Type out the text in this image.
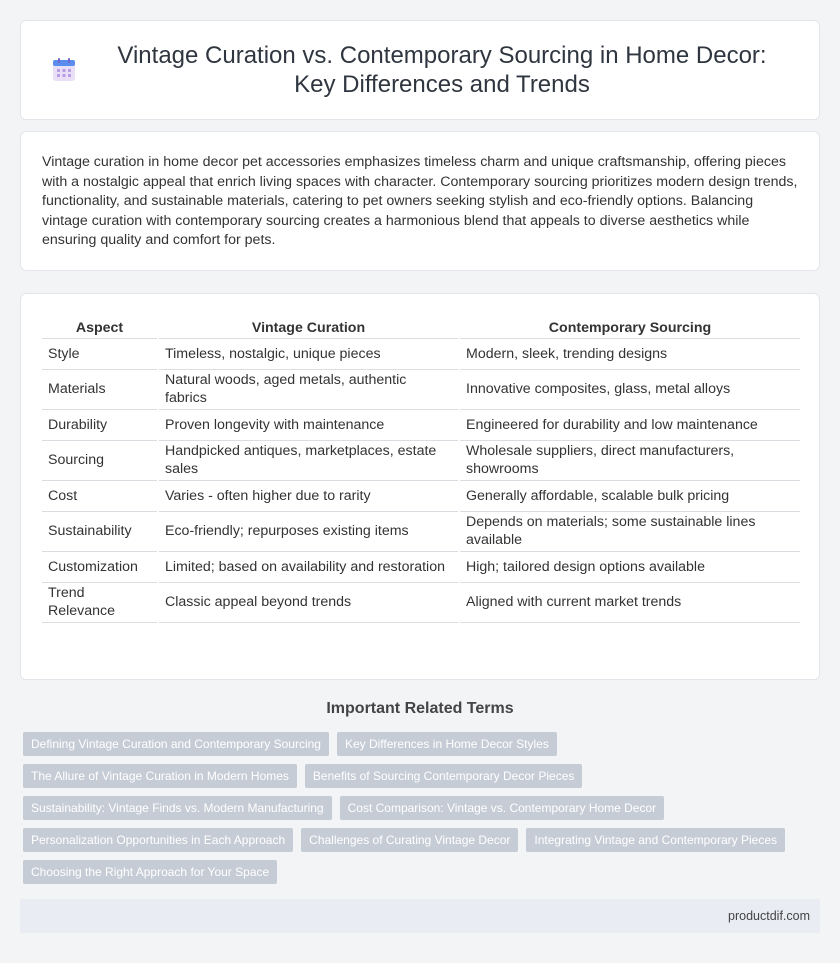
Vintage Curation vs. Contemporary Sourcing in Home Decor: Key Differences and Trends

Vintage curation in home decor pet accessories emphasizes timeless charm and unique craftsmanship, offering pieces with a nostalgic appeal that enrich living spaces with character. Contemporary sourcing prioritizes modern design trends, functionality, and sustainable materials, catering to pet owners seeking stylish and eco-friendly options. Balancing vintage curation with contemporary sourcing creates a harmonious blend that appeals to diverse aesthetics while ensuring quality and comfort for pets.

Aspect	Vintage Curation	Contemporary Sourcing
Style	Timeless, nostalgic, unique pieces	Modern, sleek, trending designs
Materials	Natural woods, aged metals, authentic fabrics	Innovative composites, glass, metal alloys
Durability	Proven longevity with maintenance	Engineered for durability and low maintenance
Sourcing	Handpicked antiques, marketplaces, estate sales	Wholesale suppliers, direct manufacturers, showrooms
Cost	Varies - often higher due to rarity	Generally affordable, scalable bulk pricing
Sustainability	Eco-friendly; repurposes existing items	Depends on materials; some sustainable lines available
Customization	Limited; based on availability and restoration	High; tailored design options available
Trend Relevance	Classic appeal beyond trends	Aligned with current market trends
Important Related Terms
Defining Vintage Curation and Contemporary Sourcing	Key Differences in Home Decor Styles
The Allure of Vintage Curation in Modern Homes	Benefits of Sourcing Contemporary Decor Pieces
Sustainability: Vintage Finds vs. Modern Manufacturing	Cost Comparison: Vintage vs. Contemporary Home Decor
Personalization Opportunities in Each Approach	Challenges of Curating Vintage Decor	Integrating Vintage and Contemporary Pieces
Choosing the Right Approach for Your Space
productdif.com
